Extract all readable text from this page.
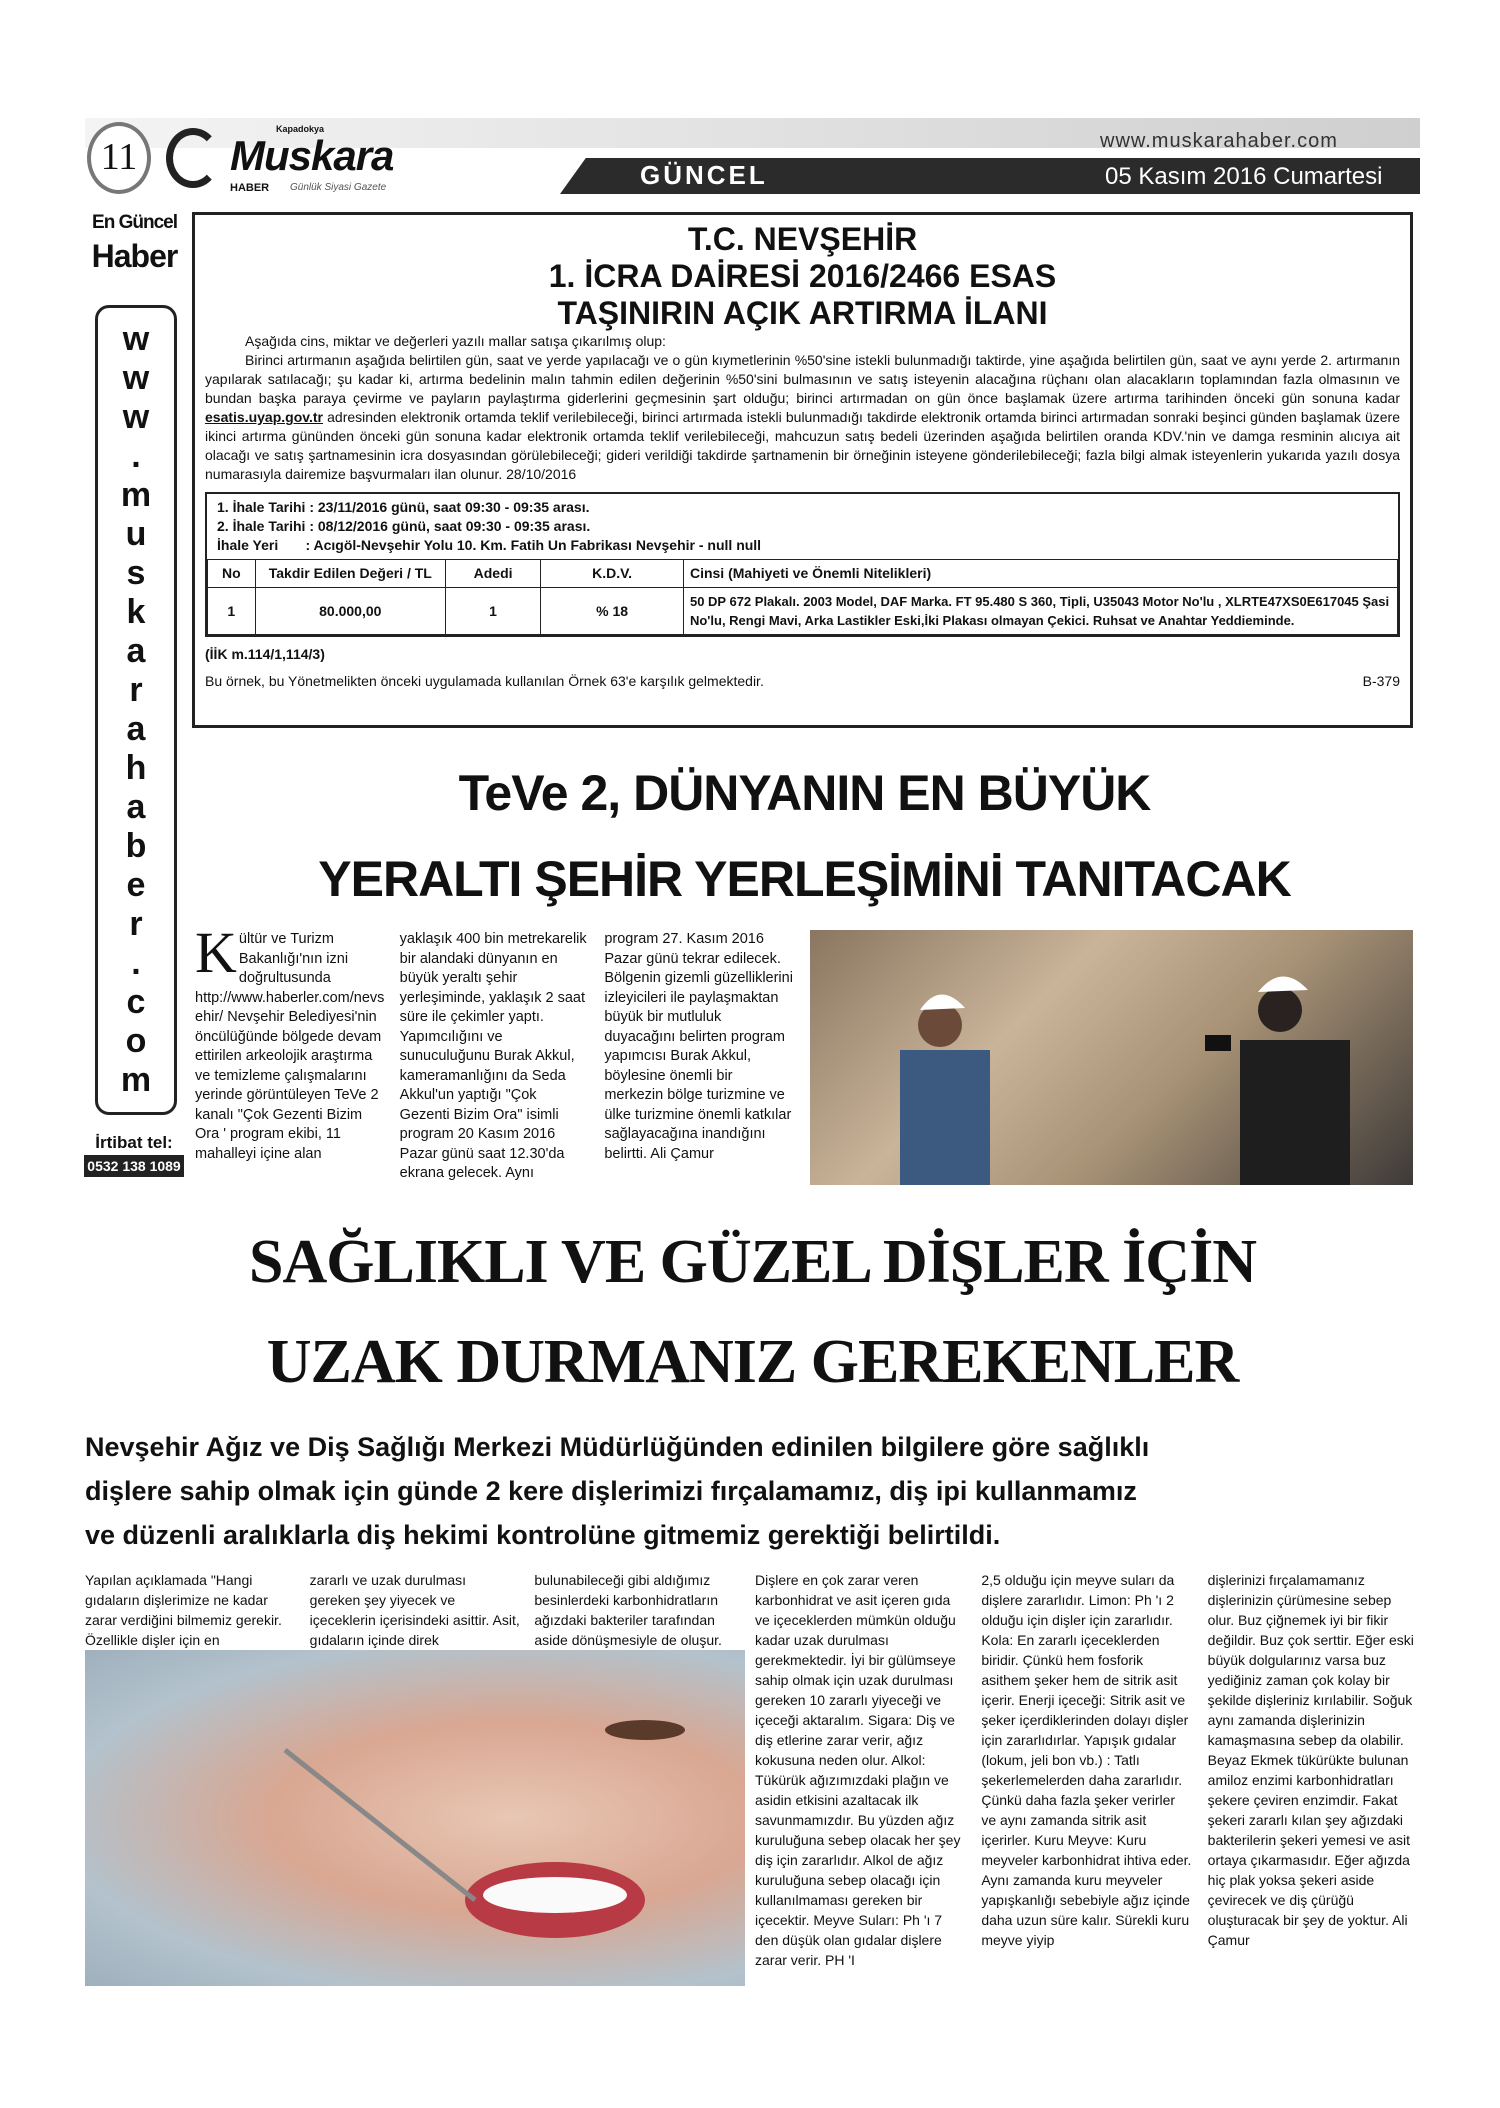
11
Kapadokya
Muskara
HABER Günlük Siyasi Gazete	GÜNCEL
www.muskarahaber.com
05 Kasım 2016 Cumartesi
En Güncel
Haber
w
w
w
.
m
u
s
k
a
r
a
h
a
b
e
r
.
c
o
m
İrtibat tel:
0532 138 1089
T.C. NEVŞEHİR
1. İCRA DAİRESİ 2016/2466 ESAS
TAŞINIRIN AÇIK ARTIRMA İLANI

Aşağıda cins, miktar ve değerleri yazılı mallar satışa çıkarılmış olup:

Birinci artırmanın aşağıda belirtilen gün, saat ve yerde yapılacağı ve o gün kıymetlerinin %50'sine istekli bulunmadığı taktirde, yine aşağıda belirtilen gün, saat ve aynı yerde 2. artırmanın yapılarak satılacağı; şu kadar ki, artırma bedelinin malın tahmin edilen değerinin %50'sini bulmasının ve satış isteyenin alacağına rüçhanı olan alacakların toplamından fazla olmasının ve bundan başka paraya çevirme ve payların paylaştırma giderlerini geçmesinin şart olduğu; birinci artırmadan on gün önce başlamak üzere artırma tarihinden önceki gün sonuna kadar esatis.uyap.gov.tr adresinden elektronik ortamda teklif verilebileceği, birinci artırmada istekli bulunmadığı takdirde elektronik ortamda birinci artırmadan sonraki beşinci günden başlamak üzere ikinci artırma gününden önceki gün sonuna kadar elektronik ortamda teklif verilebileceği, mahcuzun satış bedeli üzerinden aşağıda belirtilen oranda KDV.'nin ve damga resminin alıcıya ait olacağı ve satış şartnamesinin icra dosyasından görülebileceği; gideri verildiği takdirde şartnamenin bir örneğinin isteyene gönderilebileceği; fazla bilgi almak isteyenlerin yukarıda yazılı dosya numarasıyla dairemize başvurmaları ilan olunur. 28/10/2016

1. İhale Tarihi : 23/11/2016 günü, saat 09:30 - 09:35 arası.
2. İhale Tarihi : 08/12/2016 günü, saat 09:30 - 09:35 arası.
İhale Yeri       : Acıgöl-Nevşehir Yolu 10. Km. Fatih Un Fabrikası Nevşehir - null null
No	Takdir Edilen Değeri / TL	Adedi	K.D.V.	Cinsi (Mahiyeti ve Önemli Nitelikleri)
1	80.000,00	1	% 18	50 DP 672 Plakalı. 2003 Model, DAF Marka. FT 95.480 S 360, Tipli, U35043 Motor No'lu , XLRTE47XS0E617045 Şasi No'lu, Rengi Mavi, Arka Lastikler Eski,İki Plakası olmayan Çekici. Ruhsat ve Anahtar Yeddieminde.
(İİK m.114/1,114/3)
Bu örnek, bu Yönetmelikten önceki uygulamada kullanılan Örnek 63'e karşılık gelmektedir.	B-379
TeVe 2, DÜNYANIN EN BÜYÜK
YERALTI ŞEHİR YERLEŞİMİNİ TANITACAK
Kültür ve Turizm Bakanlığı'nın izni doğrultusunda http://www.haberler.com/nevsehir/ Nevşehir Belediyesi'nin öncülüğünde bölgede devam ettirilen arkeolojik araştırma ve temizleme çalışmalarını yerinde görüntüleyen TeVe 2 kanalı "Çok Gezenti Bizim Ora ' program ekibi, 11 mahalleyi içine alan
yaklaşık 400 bin metrekarelik bir alandaki dünyanın en büyük yeraltı şehir yerleşiminde, yaklaşık 2 saat süre ile çekimler yaptı. Yapımcılığını ve sunuculuğunu Burak Akkul, kameramanlığını da Seda Akkul'un yaptığı "Çok Gezenti Bizim Ora" isimli program 20 Kasım 2016 Pazar günü saat 12.30'da ekrana gelecek. Aynı
program 27. Kasım 2016 Pazar günü tekrar edilecek. Bölgenin gizemli güzelliklerini izleyicileri ile paylaşmaktan büyük bir mutluluk duyacağını belirten program yapımcısı Burak Akkul, böylesine önemli bir merkezin bölge turizmine ve ülke turizmine önemli katkılar sağlayacağına inandığını belirtti. Ali Çamur
SAĞLIKLI VE GÜZEL DİŞLER İÇİN
UZAK DURMANIZ GEREKENLER
Nevşehir Ağız ve Diş Sağlığı Merkezi Müdürlüğünden edinilen bilgilere göre sağlıklı
dişlere sahip olmak için günde 2 kere dişlerimizi fırçalamamız, diş ipi kullanmamız
ve düzenli aralıklarla diş hekimi kontrolüne gitmemiz gerektiği belirtildi.
Yapılan açıklamada "Hangi gıdaların dişlerimize ne kadar zarar verdiğini bilmemiz gerekir. Özellikle dişler için en
zararlı ve uzak durulması gereken şey yiyecek ve içeceklerin içerisindeki asittir. Asit, gıdaların içinde direk
bulunabileceği gibi aldığımız besinlerdeki karbonhidratların ağızdaki bakteriler tarafından aside dönüşmesiyle de oluşur.
Dişlere en çok zarar veren karbonhidrat ve asit içeren gıda ve içeceklerden mümkün olduğu kadar uzak durulması gerekmektedir. İyi bir gülümseye sahip olmak için uzak durulması gereken 10 zararlı yiyeceği ve içeceği aktaralım. Sigara: Diş ve diş etlerine zarar verir, ağız kokusuna neden olur. Alkol: Tükürük ağızımızdaki plağın ve asidin etkisini azaltacak ilk savunmamızdır. Bu yüzden ağız kuruluğuna sebep olacak her şey diş için zararlıdır. Alkol de ağız kuruluğuna sebep olacağı için kullanılmaması gereken bir içecektir. Meyve Suları: Ph 'ı 7 den düşük olan gıdalar dişlere zarar verir. PH 'I
2,5 olduğu için meyve suları da dişlere zararlıdır. Limon: Ph 'ı 2 olduğu için dişler için zararlıdır. Kola: En zararlı içeceklerden biridir. Çünkü hem fosforik asithem şeker hem de sitrik asit içerir. Enerji içeceği: Sitrik asit ve şeker içerdiklerinden dolayı dişler için zararlıdırlar. Yapışık gıdalar (lokum, jeli bon vb.) : Tatlı şekerlemelerden daha zararlıdır. Çünkü daha fazla şeker verirler ve aynı zamanda sitrik asit içerirler. Kuru Meyve: Kuru meyveler karbonhidrat ihtiva eder. Aynı zamanda kuru meyveler yapışkanlığı sebebiyle ağız içinde daha uzun süre kalır. Sürekli kuru meyve yiyip
dişlerinizi fırçalamamanız dişlerinizin çürümesine sebep olur. Buz çiğnemek iyi bir fikir değildir. Buz çok serttir. Eğer eski büyük dolgularınız varsa buz yediğiniz zaman çok kolay bir şekilde dişleriniz kırılabilir. Soğuk aynı zamanda dişlerinizin kamaşmasına sebep da olabilir. Beyaz Ekmek tükürükte bulunan amiloz enzimi karbonhidratları şekere çeviren enzimdir. Fakat şekeri zararlı kılan şey ağızdaki bakterilerin şekeri yemesi ve asit ortaya çıkarmasıdır. Eğer ağızda hiç plak yoksa şekeri aside çevirecek ve diş çürüğü oluşturacak bir şey de yoktur. Ali Çamur
